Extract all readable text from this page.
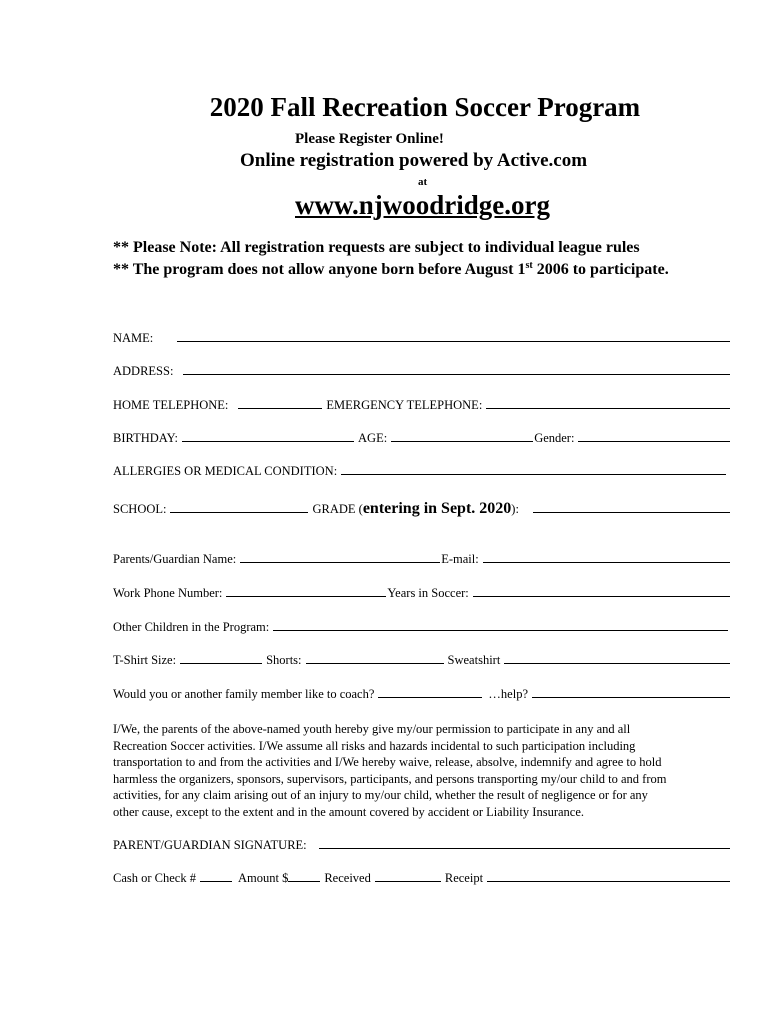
2020 Fall Recreation Soccer Program
Please Register Online!
Online registration powered by Active.com
at
www.njwoodridge.org
** Please Note: All registration requests are subject to individual league rules
** The program does not allow anyone born before August 1st 2006 to participate.
NAME:
ADDRESS:
HOME TELEPHONE:	EMERGENCY TELEPHONE:
BIRTHDAY:	AGE:	Gender:
ALLERGIES OR MEDICAL CONDITION:
SCHOOL:	GRADE ( entering in Sept. 2020 ):
Parents/Guardian Name:	E-mail:
Work Phone Number:	Years in Soccer:
Other Children in the Program:
T-Shirt Size:	Shorts:	Sweatshirt
Would you or another family member like to coach?	…help?
I/We, the parents of the above-named youth hereby give my/our permission to participate in any and all
Recreation Soccer activities. I/We assume all risks and hazards incidental to such participation including
transportation to and from the activities and I/We hereby waive, release, absolve, indemnify and agree to hold
harmless the organizers, sponsors, supervisors, participants, and persons transporting my/our child to and from
activities, for any claim arising out of an injury to my/our child, whether the result of negligence or for any
other cause, except to the extent and in the amount covered by accident or Liability Insurance.
PARENT/GUARDIAN SIGNATURE:
Cash or Check #	Amount $	Received	Receipt
